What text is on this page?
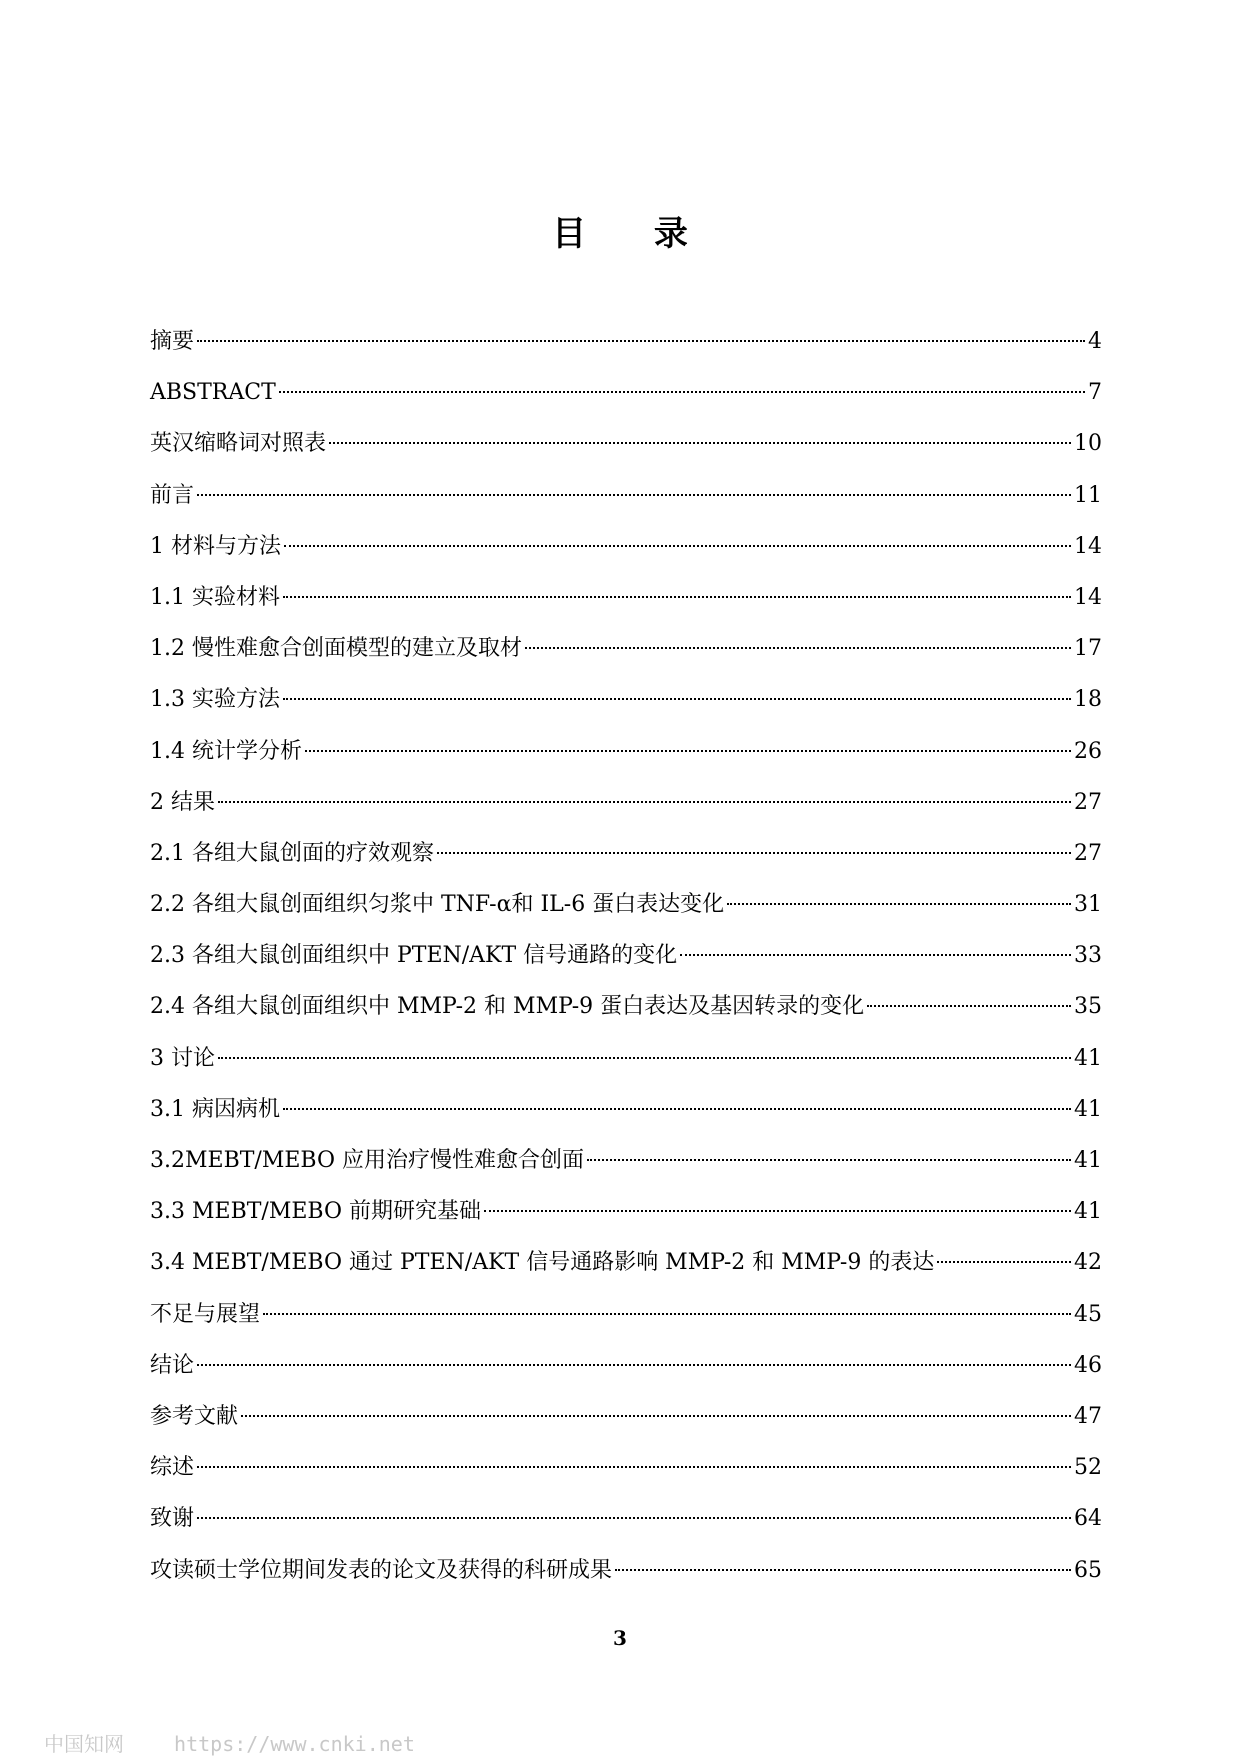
目 录
摘要	4
ABSTRACT	7
英汉缩略词对照表	10
前言	11
1 材料与方法	14
1.1 实验材料	14
1.2 慢性难愈合创面模型的建立及取材	17
1.3 实验方法	18
1.4 统计学分析	26
2 结果	27
2.1 各组大鼠创面的疗效观察	27
2.2 各组大鼠创面组织匀浆中 TNF-α和 IL-6 蛋白表达变化	31
2.3 各组大鼠创面组织中 PTEN/AKT 信号通路的变化	33
2.4 各组大鼠创面组织中 MMP-2 和 MMP-9 蛋白表达及基因转录的变化	35
3 讨论	41
3.1 病因病机	41
3.2MEBT/MEBO 应用治疗慢性难愈合创面	41
3.3 MEBT/MEBO 前期研究基础	41
3.4 MEBT/MEBO 通过 PTEN/AKT 信号通路影响 MMP-2 和 MMP-9 的表达	42
不足与展望	45
结论	46
参考文献	47
综述	52
致谢	64
攻读硕士学位期间发表的论文及获得的科研成果	65
3
中国知网	https://www.cnki.net
